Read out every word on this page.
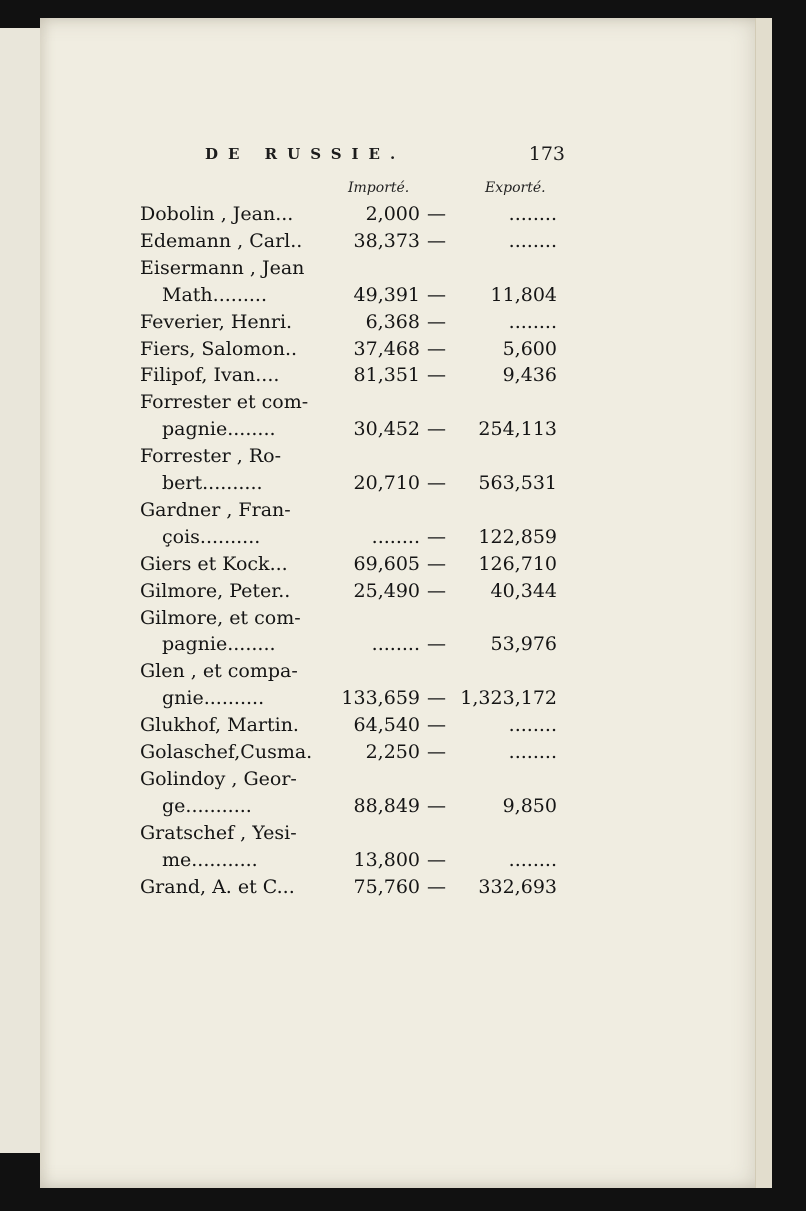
DE RUSSIE.	173
Importé.	Exporté.
Dobolin , Jean...	2,000 —	........
Edemann , Carl..	38,373 —	........
Eisermann , Jean
Math.........	49,391 — 11,804
Feverier, Henri.	6,368 —	........
Fiers, Salomon..	37,468 —	5,600
Filipof, Ivan....	81,351 —	9,436
Forrester et com-
pagnie........	30,452 — 254,113
Forrester , Ro-
bert..........	20,710 — 563,531
Gardner , Fran-
çois..........	........ — 122,859
Giers et Kock...	69,605 — 126,710
Gilmore, Peter..	25,490 — 40,344
Gilmore, et com-
pagnie........	........ — 53,976
Glen , et compa-
gnie..........	133,659 — 1,323,172
Glukhof, Martin.	64,540 —	........
Golaschef,Cusma.	2,250 —	........
Golindoy , Geor-
ge...........	88,849 —	9,850
Gratschef , Yesi-
me...........	13,800 —	........
Grand, A. et C...	75,760 — 332,693
